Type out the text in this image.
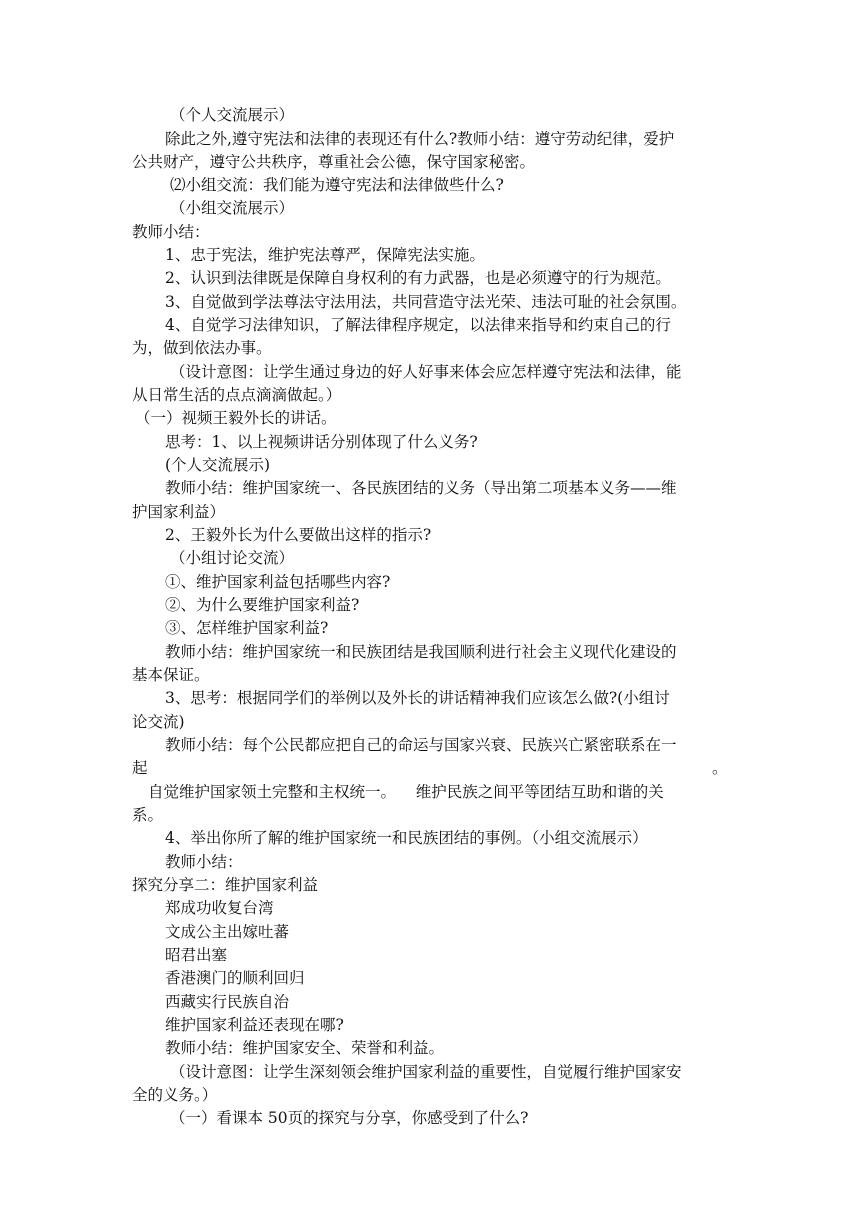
（个人交流展示）
除此之外,遵守宪法和法律的表现还有什么?教师小结：遵守劳动纪律，爱护
公共财产，遵守公共秩序，尊重社会公德，保守国家秘密。
⑵小组交流：我们能为遵守宪法和法律做些什么?
（小组交流展示）
教师小结：
1、忠于宪法，维护宪法尊严，保障宪法实施。
2、认识到法律既是保障自身权利的有力武器，也是必须遵守的行为规范。
3、自觉做到学法尊法守法用法，共同营造守法光荣、违法可耻的社会氛围。
4、自觉学习法律知识，了解法律程序规定，以法律来指导和约束自己的行
为，做到依法办事。
（设计意图：让学生通过身边的好人好事来体会应怎样遵守宪法和法律，能
从日常生活的点点滴滴做起。）
（一）视频王毅外长的讲话。
思考：1、以上视频讲话分别体现了什么义务?
(个人交流展示)
教师小结：维护国家统一、各民族团结的义务（导出第二项基本义务——维
护国家利益）
2、王毅外长为什么要做出这样的指示?
（小组讨论交流）
①、维护国家利益包括哪些内容?
②、为什么要维护国家利益?
③、怎样维护国家利益?
教师小结：维护国家统一和民族团结是我国顺利进行社会主义现代化建设的
基本保证。
3、思考：根据同学们的举例以及外长的讲话精神我们应该怎么做?(小组讨
论交流)
教师小结：每个公民都应把自己的命运与国家兴衰、民族兴亡紧密联系在一
起	。
自觉维护国家领土完整和主权统一。    维护民族之间平等团结互助和谐的关
系。
4、举出你所了解的维护国家统一和民族团结的事例。（小组交流展示）
教师小结：
探究分享二：维护国家利益
郑成功收复台湾
文成公主出嫁吐蕃
昭君出塞
香港澳门的顺利回归
西藏实行民族自治
维护国家利益还表现在哪?
教师小结：维护国家安全、荣誉和利益。
（设计意图：让学生深刻领会维护国家利益的重要性，自觉履行维护国家安
全的义务。）
（一）看课本 50页的探究与分享，你感受到了什么?
